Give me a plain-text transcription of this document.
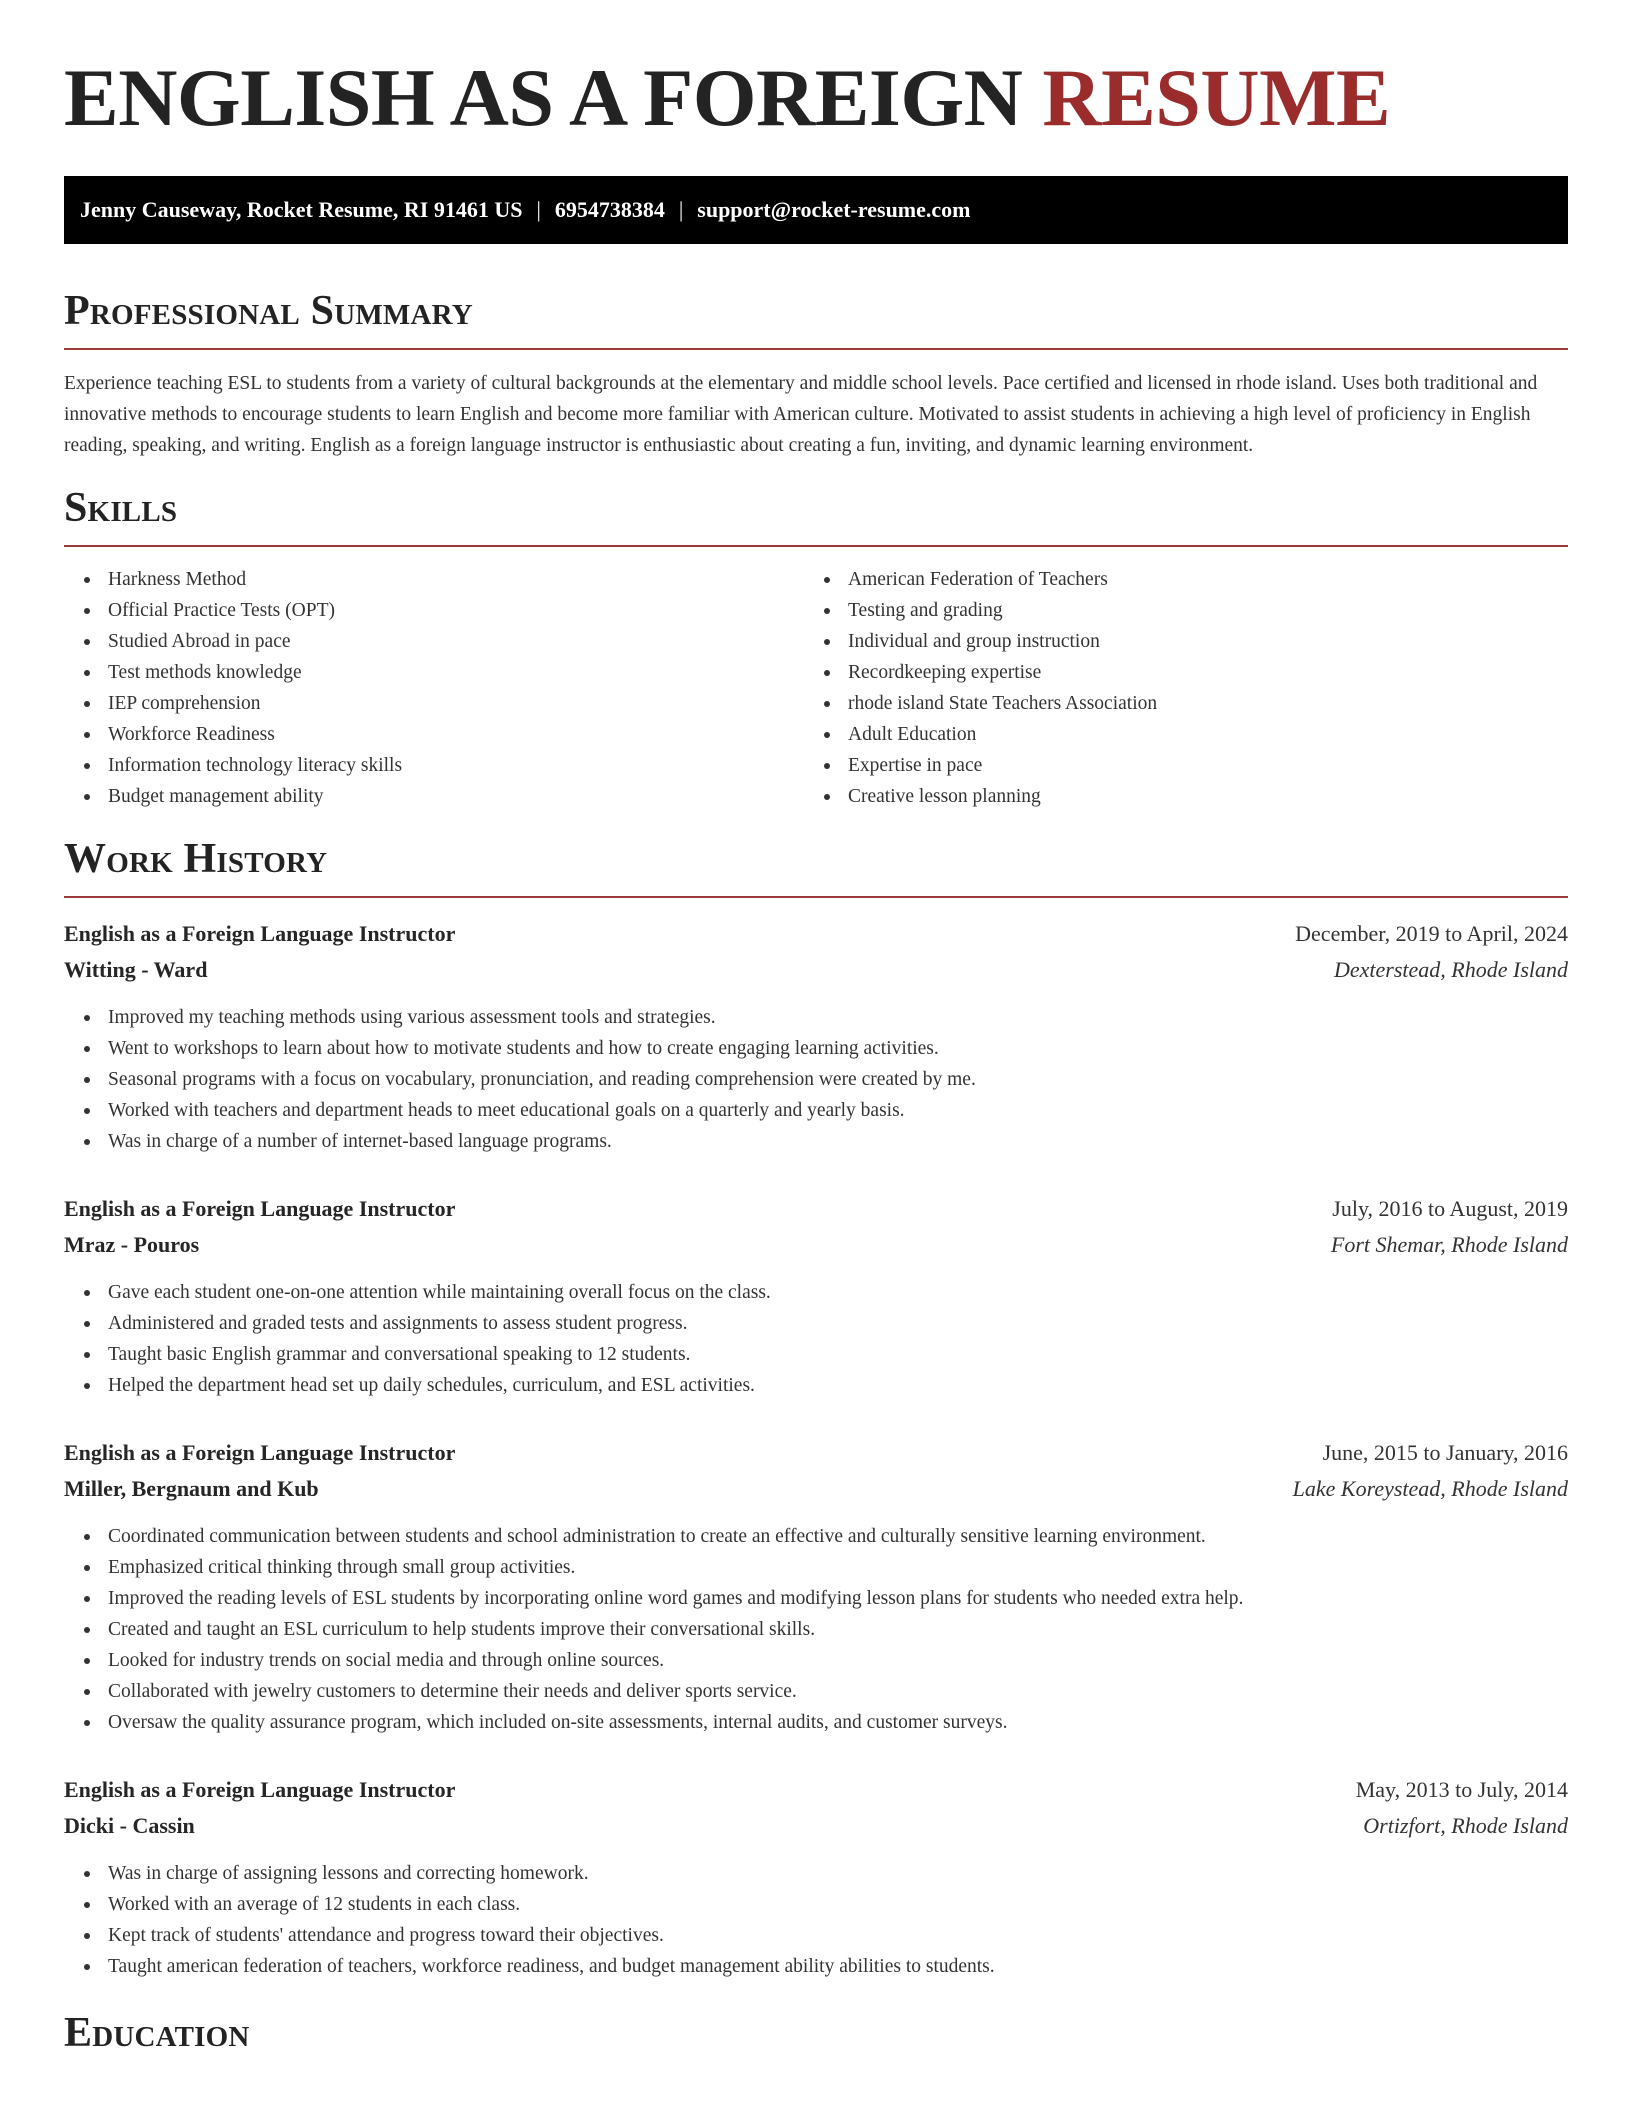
ENGLISH AS A FOREIGN RESUME
Jenny Causeway, Rocket Resume, RI 91461 US | 6954738384 | support@rocket-resume.com
Professional Summary

Experience teaching ESL to students from a variety of cultural backgrounds at the elementary and middle school levels. Pace certified and licensed in rhode island. Uses both traditional and innovative methods to encourage students to learn English and become more familiar with American culture. Motivated to assist students in achieving a high level of proficiency in English reading, speaking, and writing. English as a foreign language instructor is enthusiastic about creating a fun, inviting, and dynamic learning environment.

Skills
Harkness Method
Official Practice Tests (OPT)
Studied Abroad in pace
Test methods knowledge
IEP comprehension
Workforce Readiness
Information technology literacy skills
Budget management ability
American Federation of Teachers
Testing and grading
Individual and group instruction
Recordkeeping expertise
rhode island State Teachers Association
Adult Education
Expertise in pace
Creative lesson planning
Work History
English as a Foreign Language Instructor	December, 2019 to April, 2024
Witting - Ward	Dexterstead, Rhode Island
Improved my teaching methods using various assessment tools and strategies.
Went to workshops to learn about how to motivate students and how to create engaging learning activities.
Seasonal programs with a focus on vocabulary, pronunciation, and reading comprehension were created by me.
Worked with teachers and department heads to meet educational goals on a quarterly and yearly basis.
Was in charge of a number of internet-based language programs.
English as a Foreign Language Instructor	July, 2016 to August, 2019
Mraz - Pouros	Fort Shemar, Rhode Island
Gave each student one-on-one attention while maintaining overall focus on the class.
Administered and graded tests and assignments to assess student progress.
Taught basic English grammar and conversational speaking to 12 students.
Helped the department head set up daily schedules, curriculum, and ESL activities.
English as a Foreign Language Instructor	June, 2015 to January, 2016
Miller, Bergnaum and Kub	Lake Koreystead, Rhode Island
Coordinated communication between students and school administration to create an effective and culturally sensitive learning environment.
Emphasized critical thinking through small group activities.
Improved the reading levels of ESL students by incorporating online word games and modifying lesson plans for students who needed extra help.
Created and taught an ESL curriculum to help students improve their conversational skills.
Looked for industry trends on social media and through online sources.
Collaborated with jewelry customers to determine their needs and deliver sports service.
Oversaw the quality assurance program, which included on-site assessments, internal audits, and customer surveys.
English as a Foreign Language Instructor	May, 2013 to July, 2014
Dicki - Cassin	Ortizfort, Rhode Island
Was in charge of assigning lessons and correcting homework.
Worked with an average of 12 students in each class.
Kept track of students' attendance and progress toward their objectives.
Taught american federation of teachers, workforce readiness, and budget management ability abilities to students.
Education
